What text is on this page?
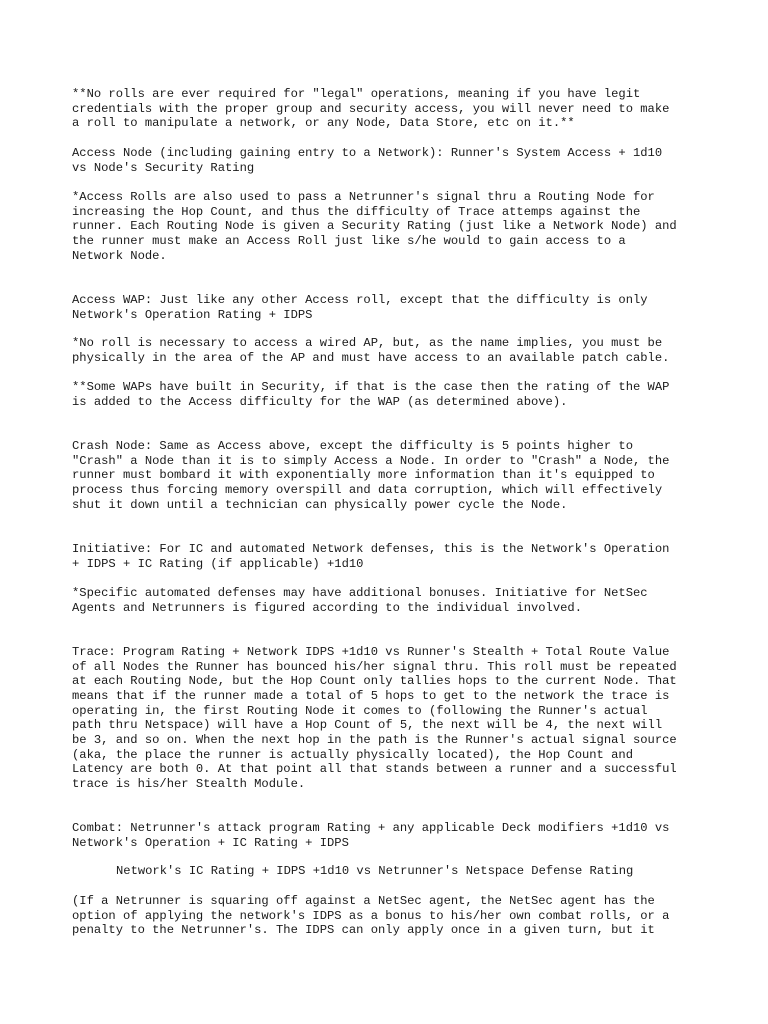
**No rolls are ever required for "legal" operations, meaning if you have legit
credentials with the proper group and security access, you will never need to make
a roll to manipulate a network, or any Node, Data Store, etc on it.**

Access Node (including gaining entry to a Network): Runner's System Access + 1d10
vs Node's Security Rating

*Access Rolls are also used to pass a Netrunner's signal thru a Routing Node for
increasing the Hop Count, and thus the difficulty of Trace attemps against the
runner. Each Routing Node is given a Security Rating (just like a Network Node) and
the runner must make an Access Roll just like s/he would to gain access to a
Network Node.

Access WAP: Just like any other Access roll, except that the difficulty is only
Network's Operation Rating + IDPS

*No roll is necessary to access a wired AP, but, as the name implies, you must be
physically in the area of the AP and must have access to an available patch cable.

**Some WAPs have built in Security, if that is the case then the rating of the WAP
is added to the Access difficulty for the WAP (as determined above).

Crash Node: Same as Access above, except the difficulty is 5 points higher to
"Crash" a Node than it is to simply Access a Node. In order to "Crash" a Node, the
runner must bombard it with exponentially more information than it's equipped to
process thus forcing memory overspill and data corruption, which will effectively
shut it down until a technician can physically power cycle the Node.

Initiative: For IC and automated Network defenses, this is the Network's Operation
+ IDPS + IC Rating (if applicable) +1d10

*Specific automated defenses may have additional bonuses. Initiative for NetSec
Agents and Netrunners is figured according to the individual involved.

Trace: Program Rating + Network IDPS +1d10 vs Runner's Stealth + Total Route Value
of all Nodes the Runner has bounced his/her signal thru. This roll must be repeated
at each Routing Node, but the Hop Count only tallies hops to the current Node. That
means that if the runner made a total of 5 hops to get to the network the trace is
operating in, the first Routing Node it comes to (following the Runner's actual
path thru Netspace) will have a Hop Count of 5, the next will be 4, the next will
be 3, and so on. When the next hop in the path is the Runner's actual signal source
(aka, the place the runner is actually physically located), the Hop Count and
Latency are both 0. At that point all that stands between a runner and a successful
trace is his/her Stealth Module.

Combat: Netrunner's attack program Rating + any applicable Deck modifiers +1d10 vs
Network's Operation + IC Rating + IDPS

Network's IC Rating + IDPS +1d10 vs Netrunner's Netspace Defense Rating

(If a Netrunner is squaring off against a NetSec agent, the NetSec agent has the
option of applying the network's IDPS as a bonus to his/her own combat rolls, or a
penalty to the Netrunner's. The IDPS can only apply once in a given turn, but it
